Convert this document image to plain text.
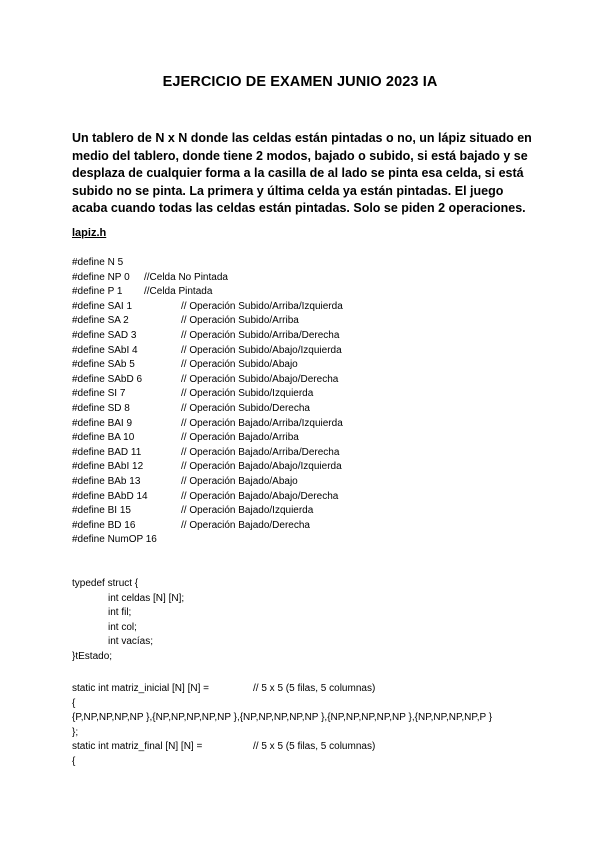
EJERCICIO DE EXAMEN JUNIO 2023 IA

Un tablero de N x N donde las celdas están pintadas o no, un lápiz situado en

medio del tablero, donde tiene 2 modos, bajado o subido, si está bajado y se

desplaza de cualquier forma a la casilla de al lado se pinta esa celda, si está

subido no se pinta. La primera y última celda ya están pintadas. El juego

acaba cuando todas las celdas están pintadas. Solo se piden 2 operaciones.

lapiz.h
#define N 5
#define NP 0	//Celda No Pintada
#define P 1	//Celda Pintada
#define SAI 1	// Operación Subido/Arriba/Izquierda
#define SA 2	// Operación Subido/Arriba
#define SAD 3	// Operación Subido/Arriba/Derecha
#define SAbI 4	// Operación Subido/Abajo/Izquierda
#define SAb 5	// Operación Subido/Abajo
#define SAbD 6	// Operación Subido/Abajo/Derecha
#define SI 7	// Operación Subido/Izquierda
#define SD 8	// Operación Subido/Derecha
#define BAI 9	// Operación Bajado/Arriba/Izquierda
#define BA 10	// Operación Bajado/Arriba
#define BAD 11	// Operación Bajado/Arriba/Derecha
#define BAbI 12	// Operación Bajado/Abajo/Izquierda
#define BAb 13	// Operación Bajado/Abajo
#define BAbD 14	// Operación Bajado/Abajo/Derecha
#define BI 15	// Operación Bajado/Izquierda
#define BD 16	// Operación Bajado/Derecha
#define NumOP 16
typedef struct {
int celdas [N] [N];
int fil;
int col;
int vacías;
}tEstado;
static int matriz_inicial [N] [N] =	// 5 x 5 (5 filas, 5 columnas)
{
{P,NP,NP,NP,NP },{NP,NP,NP,NP,NP },{NP,NP,NP,NP,NP },{NP,NP,NP,NP,NP },{NP,NP,NP,NP,P }
};
static int matriz_final [N] [N] =	// 5 x 5 (5 filas, 5 columnas)
{
